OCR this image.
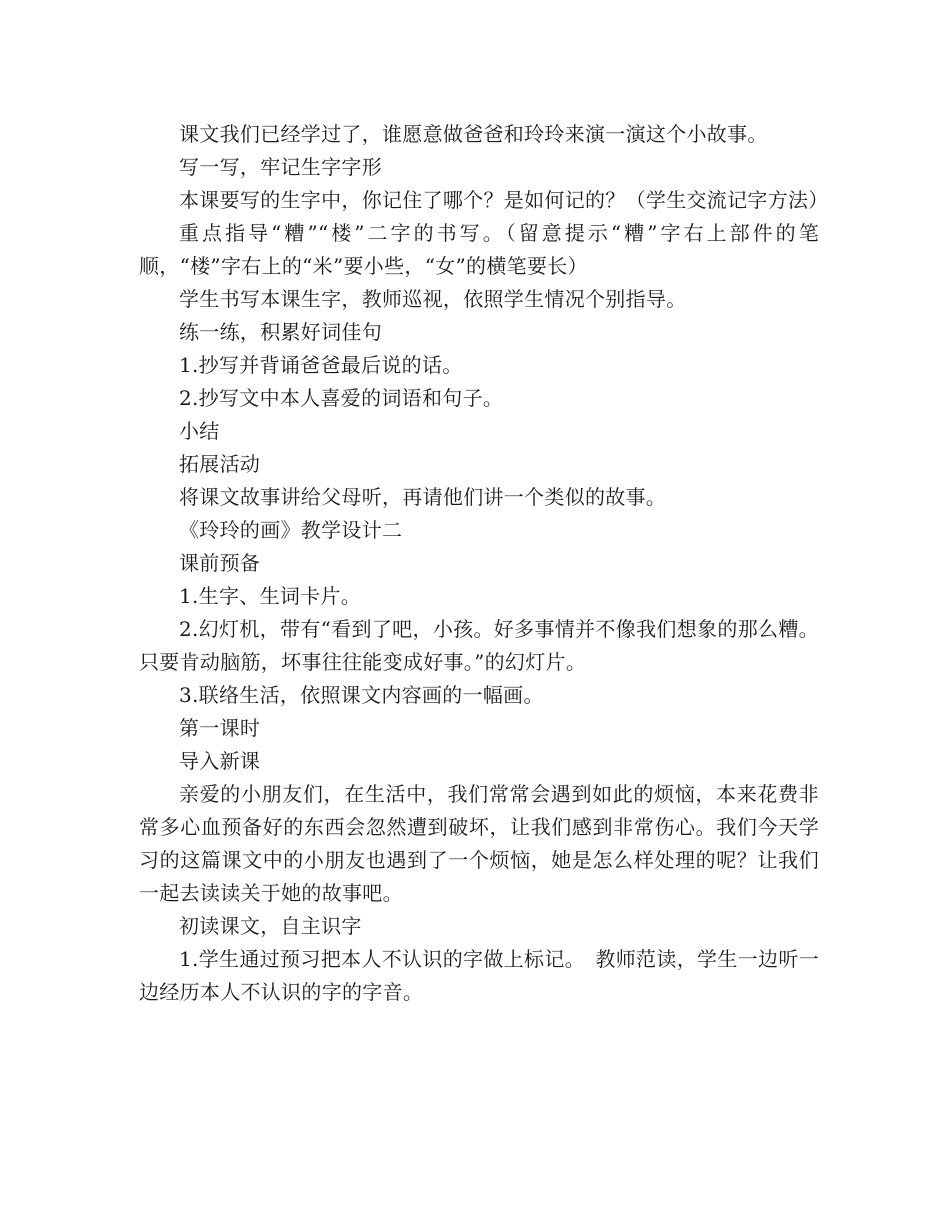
课文我们已经学过了，谁愿意做爸爸和玲玲来演一演这个小故事。

写一写，牢记生字字形

本课要写的生字中，你记住了哪个？是如何记的？（学生交流记字方法）

重点指导“糟”“楼”二字的书写。（留意提示“糟”字右上部件的笔顺，“楼”字右上的“米”要小些，“女”的横笔要长）

学生书写本课生字，教师巡视，依照学生情况个别指导。

练一练，积累好词佳句

1.抄写并背诵爸爸最后说的话。

2.抄写文中本人喜爱的词语和句子。

小结

拓展活动

将课文故事讲给父母听，再请他们讲一个类似的故事。

《玲玲的画》教学设计二

课前预备

1.生字、生词卡片。

2.幻灯机，带有“看到了吧，小孩。好多事情并不像我们想象的那么糟。只要肯动脑筋，坏事往往能变成好事。”的幻灯片。

3.联络生活，依照课文内容画的一幅画。

第一课时

导入新课

亲爱的小朋友们，在生活中，我们常常会遇到如此的烦恼，本来花费非常多心血预备好的东西会忽然遭到破坏，让我们感到非常伤心。我们今天学习的这篇课文中的小朋友也遇到了一个烦恼，她是怎么样处理的呢？让我们一起去读读关于她的故事吧。

初读课文，自主识字

1.学生通过预习把本人不认识的字做上标记。　教师范读，学生一边听一边经历本人不认识的字的字音。
